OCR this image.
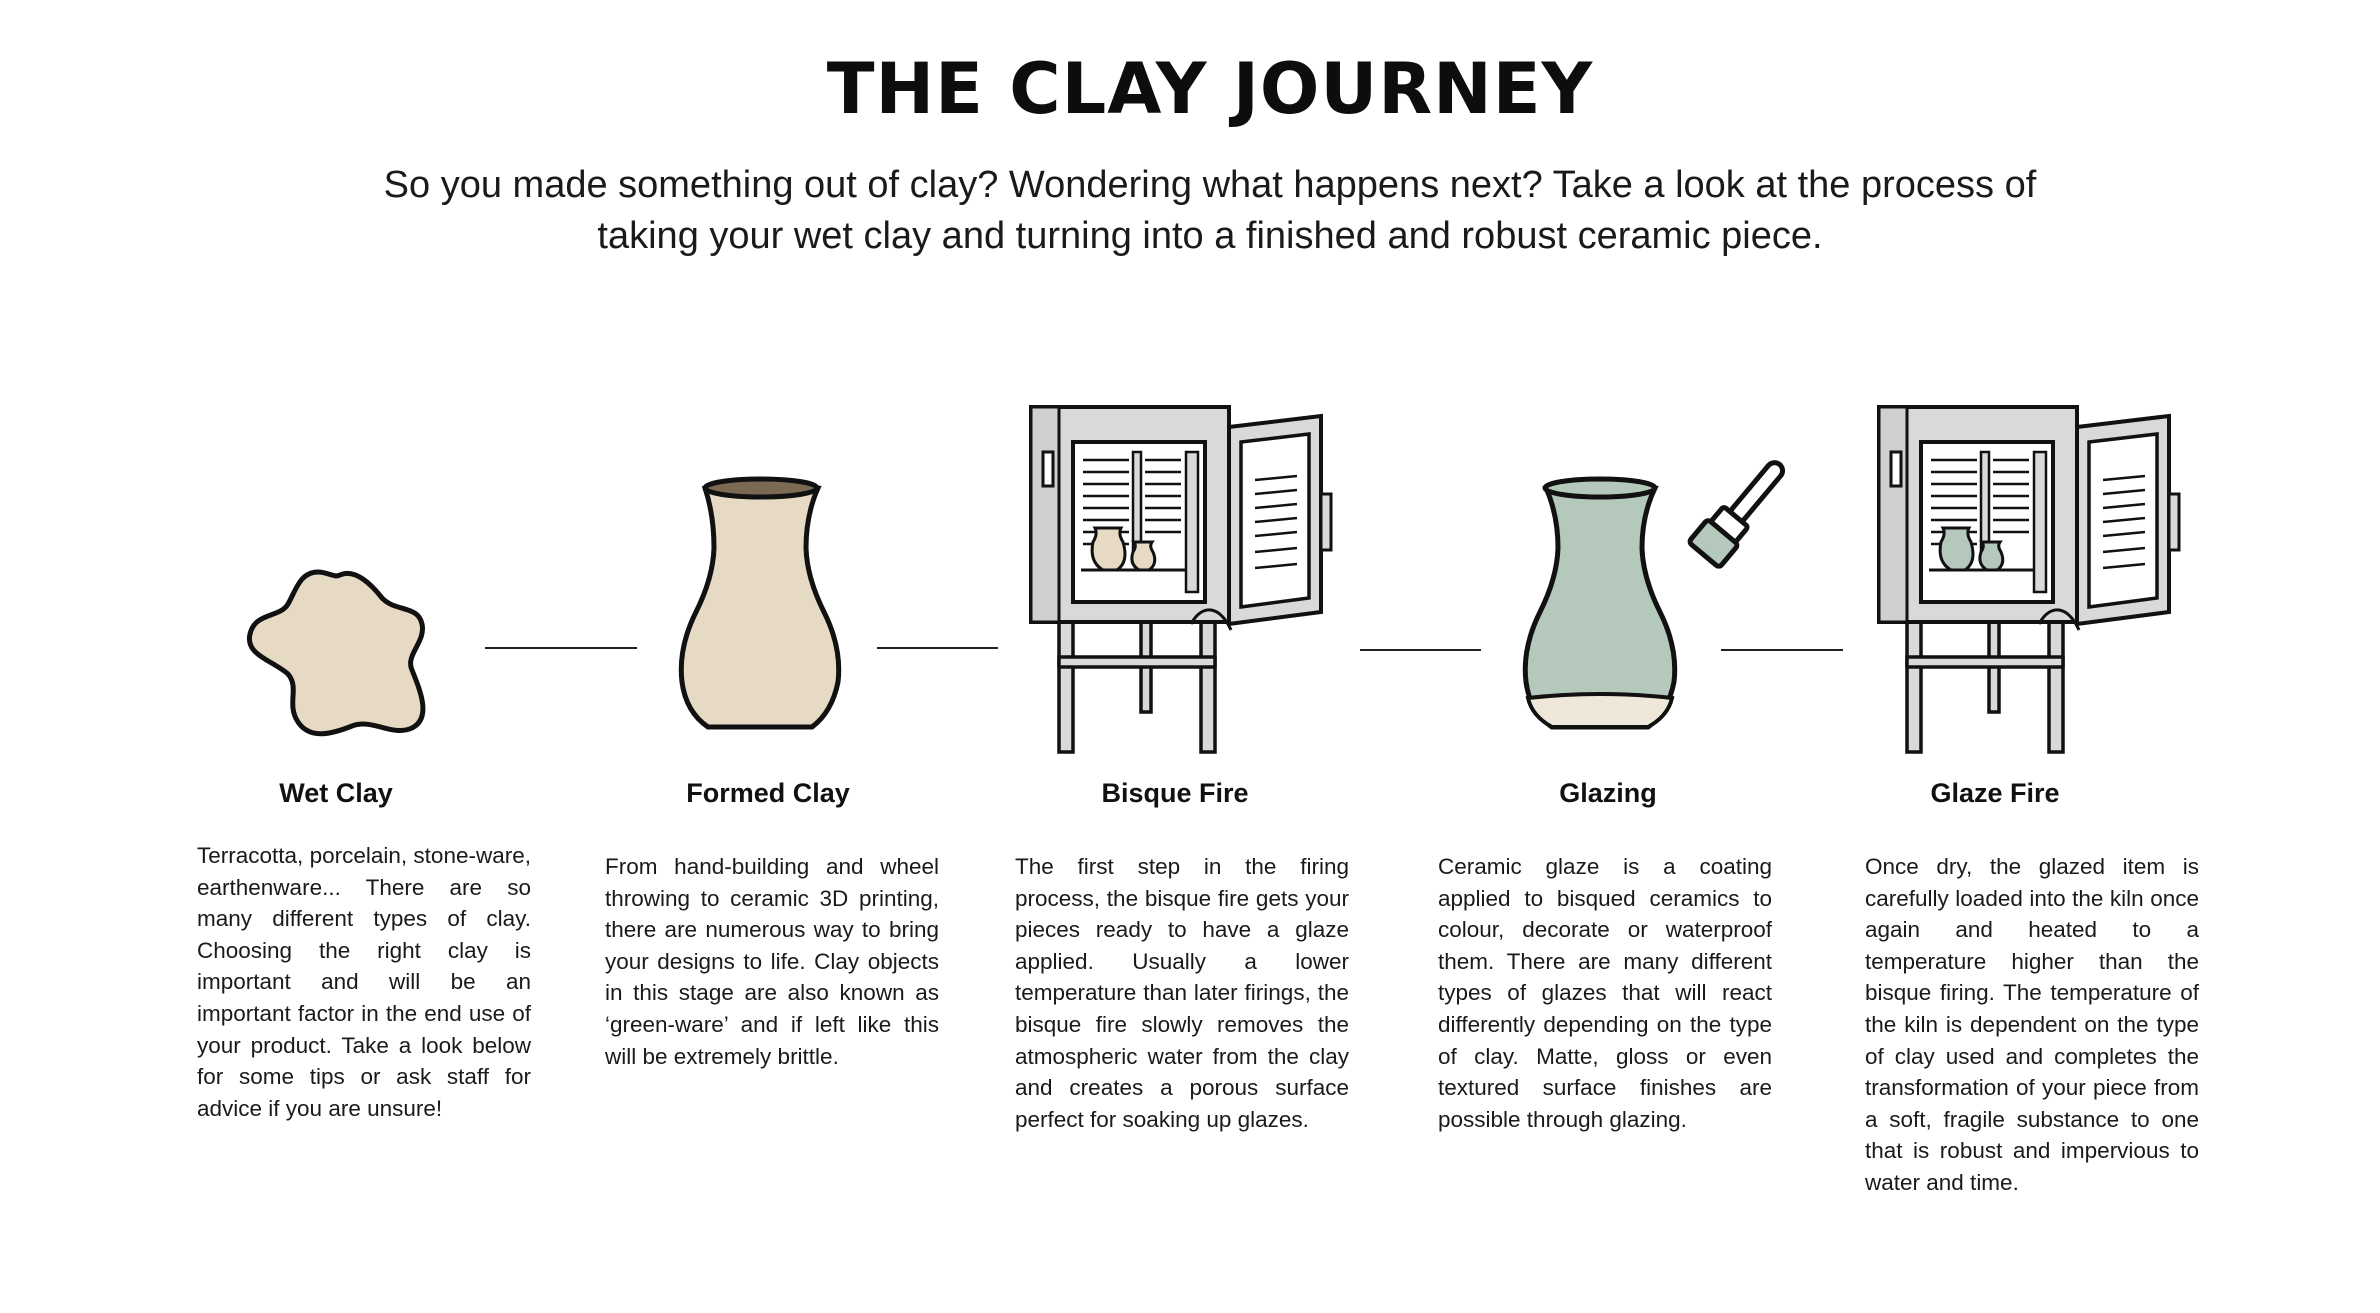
THE CLAY JOURNEY
So you made something out of clay? Wondering what happens next? Take a look at the process of taking your wet clay and turning into a finished and robust ceramic piece.
Wet Clay	Formed Clay	Bisque Fire	Glazing	Glaze Fire
Terracotta, porcelain, stone-ware, earthenware... There are so many different types of clay. Choosing the right clay is important and will be an important factor in the end use of your product. Take a look below for some tips or ask staff for advice if you are unsure!
From hand-building and wheel throwing to ceramic 3D printing, there are numerous way to bring your designs to life. Clay objects in this stage are also known as ‘green-ware’ and if left like this will be extremely brittle.
The first step in the firing process, the bisque fire gets your pieces ready to have a glaze applied. Usually a lower temperature than later firings, the bisque fire slowly removes the atmospheric water from the clay and creates a porous surface perfect for soaking up glazes.
Ceramic glaze is a coating applied to bisqued ceramics to colour, decorate or waterproof them. There are many different types of glazes that will react differently depending on the type of clay. Matte, gloss or even textured surface finishes are possible through glazing.
Once dry, the glazed item is carefully loaded into the kiln once again and heated to a temperature higher than the bisque firing. The temperature of the kiln is dependent on the type of clay used and completes the transformation of your piece from a soft, fragile substance to one that is robust and impervious to water and time.
